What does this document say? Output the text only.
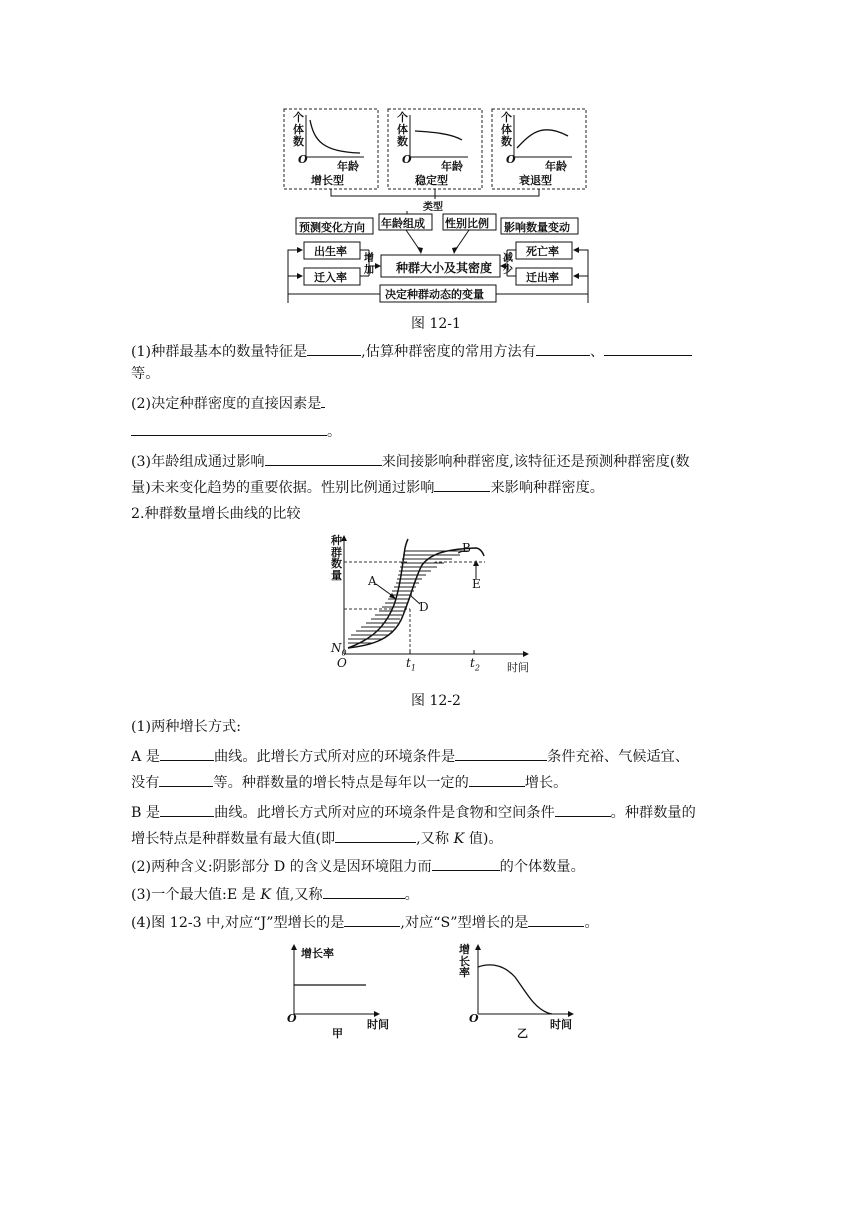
个
体
数
O
年龄
增长型
个
体
数
O
年龄
稳定型
个
体
数
O
年龄
衰退型
类型
年龄组成 性别比例
预测变化方向	影响数量变动
出生率
迁入率
增
加 种群大小及其密度
减
少
死亡率
迁出率
决定种群动态的变量
图 12-1
(1)种群最基本的数量特征是	,估算种群密度的常用方法有	、
等。
(2)决定种群密度的直接因素是
。
(3)年龄组成通过影响	来间接影响种群密度,该特征还是预测种群密度(数
量)未来变化趋势的重要依据。性别比例通过影响	来影响种群密度。
2.种群数量增长曲线的比较
种
群
数
量 A
B
D
E
$N_0$
O	$t_1$	$t_2$ 时间
图 12-2
(1)两种增长方式:
A 是	曲线。此增长方式所对应的环境条件是	条件充裕、气候适宜、
没有	等。种群数量的增长特点是每年以一定的	增长。
B 是	曲线。此增长方式所对应的环境条件是食物和空间条件	。种群数量的
增长特点是种群数量有最大值(即	,又称 K 值)。
(2)两种含义:阴影部分 D 的含义是因环境阻力而	的个体数量。
(3)一个最大值:E 是 K 值,又称	。
(4)图 12-3 中,对应“J”型增长的是	,对应“S”型增长的是	。
增长率
O	时间
甲
增
长
率
O	时间
乙
